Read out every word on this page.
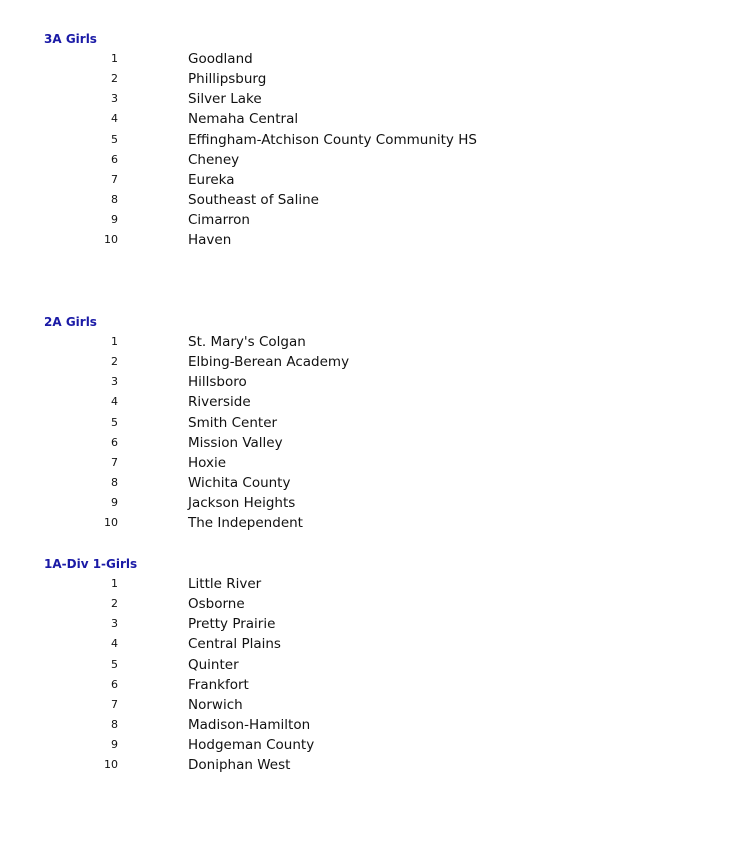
3A Girls
1	Goodland
2	Phillipsburg
3	Silver Lake
4	Nemaha Central
5	Effingham-Atchison County Community HS
6	Cheney
7	Eureka
8	Southeast of Saline
9	Cimarron
10	Haven
2A Girls
1	St. Mary's Colgan
2	Elbing-Berean Academy
3	Hillsboro
4	Riverside
5	Smith Center
6	Mission Valley
7	Hoxie
8	Wichita County
9	Jackson Heights
10	The Independent
1A-Div 1-Girls
1	Little River
2	Osborne
3	Pretty Prairie
4	Central Plains
5	Quinter
6	Frankfort
7	Norwich
8	Madison-Hamilton
9	Hodgeman County
10	Doniphan West
